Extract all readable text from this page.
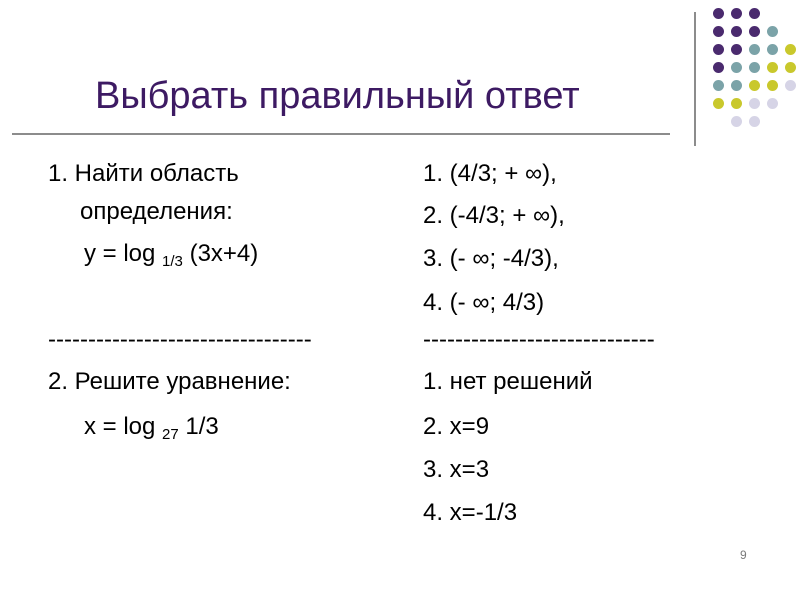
Выбрать правильный ответ
1. Найти область
определения:
y = log $_{1/3}$ (3x+4)
1. (4/3; + ∞),
2. (-4/3; + ∞),
3. (- ∞; -4/3),
4. (- ∞; 4/3)
---------------------------------	-----------------------------
2. Решите уравнение:
x = log $_{27}$ 1/3
1. нет решений
2. x=9
3. x=3
4. x=-1/3
9
